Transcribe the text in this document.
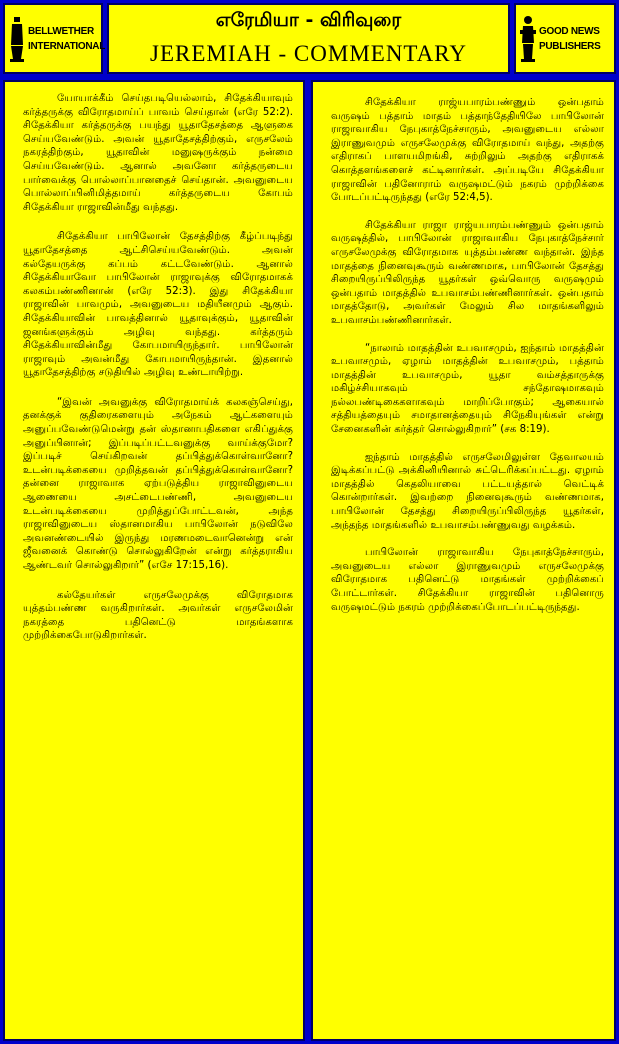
BELLWETHER
INTERNATIONAL
எரேமியா - விரிவுரை
JEREMIAH - COMMENTARY
GOOD NEWS
PUBLISHERS

யோயாக்கீம் செய்தபடியெல்லாம், சிதேக்கியாவும் கர்த்தருக்கு விரோதமாய்ப் பாவம் செய்தான் (எரே 52:2). சிதேக்கியா கர்த்தருக்கு பயந்து யூதாதேசத்தை ஆளுகை செய்யவேண்டும். அவன் யூதாதேசத்திற்கும், எருசலேம் நகரத்திற்கும், யூதாவின் மனுஷருக்கும் நன்மை செய்யவேண்டும். ஆனால் அவனோ கர்த்தருடைய பார்வைக்கு பொல்லாப்பானதைச் செய்தான். அவனுடைய பொல்லாப்பினிமித்தமாய் கர்த்தருடைய கோபம் சிதேக்கியா ராஜாவின்மீது வந்தது.

சிதேக்கியா பாபிலோன் தேசத்திற்கு கீழ்ப்படிந்து யூதாதேசத்தை ஆட்சிசெய்யவேண்டும். அவன் கல்தேயருக்கு கப்பம் கட்டவேண்டும். ஆனால் சிதேக்கியாவோ பாபிலோன் ராஜாவுக்கு விரோதமாகக் கலகம்பண்ணினான் (எரே 52:3). இது சிதேக்கியா ராஜாவின் பாவமும், அவனுடைய மதியீனமும் ஆகும். சிதேக்கியாவின் பாவத்தினால் யூதாவுக்கும், யூதாவின் ஜனங்களுக்கும் அழிவு வந்தது. கர்த்தரும் சிதேக்கியாவின்மீது கோபமாயிருந்தார். பாபிலோன் ராஜாவும் அவன்மீது கோபமாயிருந்தான். இதனால் யூதாதேசத்திற்கு சடுதியில் அழிவு உண்டாயிற்று.

“இவன் அவனுக்கு விரோதமாய்க் கலகஞ்செய்து, தனக்குக் குதிரைகளையும் அநேகம் ஆட்களையும் அனுப்பவேண்டுமென்று தன் ஸ்தானாபதிகளை எகிப்துக்கு அனுப்பினான்; இப்படிப்பட்டவனுக்கு வாய்க்குமோ? இப்படிச் செய்கிறவன் தப்பித்துக்கொள்வானோ? உடன்படிக்கையை முறித்தவன் தப்பித்துக்கொள்வானோ? தன்னை ராஜாவாக ஏற்படுத்திய ராஜாவினுடைய ஆணையை அசட்டைபண்ணி, அவனுடைய உடன்படிக்கையை முறித்துப்போட்டவன், அந்த ராஜாவினுடைய ஸ்தானமாகிய பாபிலோன் நடுவிலே அவனண்டையில் இருந்து மரணமடைவானென்று என் ஜீவனைக் கொண்டு சொல்லுகிறேன் என்று கர்த்தராகிய ஆண்டவர் சொல்லுகிறார்” (எசே 17:15,16).

கல்தேயர்கள் எருசலேமுக்கு விரோதமாக யுத்தம்பண்ண வருகிறார்கள். அவர்கள் எருசலேமின் நகரத்தை பதினெட்டு மாதங்களாக முற்றிக்கைபோடுகிறார்கள்.

சிதேக்கியா ராஜ்யபாரம்பண்ணும் ஒன்பதாம் வருஷம் பத்தாம் மாதம் பத்தாந்தேதியிலே பாபிலோன் ராஜாவாகிய நேபுகாத்நேச்சாரும், அவனுடைய எல்லா இராணுவமும் எருசலேமுக்கு விரோதமாய் வந்து, அதற்கு எதிராகப் பாளயமிறங்கி, சுற்றிலும் அதற்கு எதிராகக் கொத்தளங்களைச் கட்டினார்கள். அப்படியே சிதேக்கியா ராஜாவின் பதினோராம் வருஷமட்டும் நகரம் முற்றிக்கை போடப்பட்டிருந்தது (எரே 52:4,5).

சிதேக்கியா ராஜா ராஜ்யபாரம்பண்ணும் ஒன்பதாம் வருஷத்தில், பாபிலோன் ராஜாவாகிய நேபுகாத்நேச்சார் எருசலேமுக்கு விரோதமாக யுத்தம்பண்ண வந்தான். இந்த மாதத்தை நினைவுகூரும் வண்ணமாக, பாபிலோன் தேசத்து சிறையிருப்பிலிருந்த யூதர்கள் ஒவ்வொரு வருஷமும் ஒன்பதாம் மாதத்தில் உபவாசம்பண்ணினார்கள். ஒன்பதாம் மாதத்தோடு, அவர்கள் மேலும் சில மாதங்களிலும் உபவாசம்பண்ணினார்கள்.

“நாலாம் மாதத்தின் உபவாசமும், ஐந்தாம் மாதத்தின் உபவாசமும், ஏழாம் மாதத்தின் உபவாசமும், பத்தாம் மாதத்தின் உபவாசமும், யூதா வம்சத்தாருக்கு மகிழ்ச்சியாகவும் சந்தோஷமாகவும் நல்லபண்டிகைகளாகவும் மாறிப்போகும்; ஆகையால் சத்தியத்தையும் சமாதானத்தையும் சிநேகியுங்கள் என்று சேனைகளின் கர்த்தர் சொல்லுகிறார்” (சக 8:19).

ஐந்தாம் மாதத்தில் எருசலேமிலுள்ள தேவாலயம் இடிக்கப்பட்டு அக்கினியினால் சுட்டெரிக்கப்பட்டது. ஏழாம் மாதத்தில் கெதலியாவை பட்டயத்தால் வெட்டிக் கொன்றார்கள். இவற்றை நினைவுகூரும் வண்ணமாக, பாபிலோன் தேசத்து சிறையிருப்பிலிருந்த யூதர்கள், அந்தந்த மாதங்களில் உபவாசம்பண்ணுவது வழக்கம்.

பாபிலோன் ராஜாவாகிய நேபுகாத்நேச்சாரும், அவனுடைய எல்லா இராணுவமும் எருசலேமுக்கு விரோதமாக பதினெட்டு மாதங்கள் முற்றிக்கைப் போட்டார்கள். சிதேக்கியா ராஜாவின் பதினொரு வருஷமட்டும் நகரம் முற்றிக்கைப்போடப்பட்டிருந்தது.
